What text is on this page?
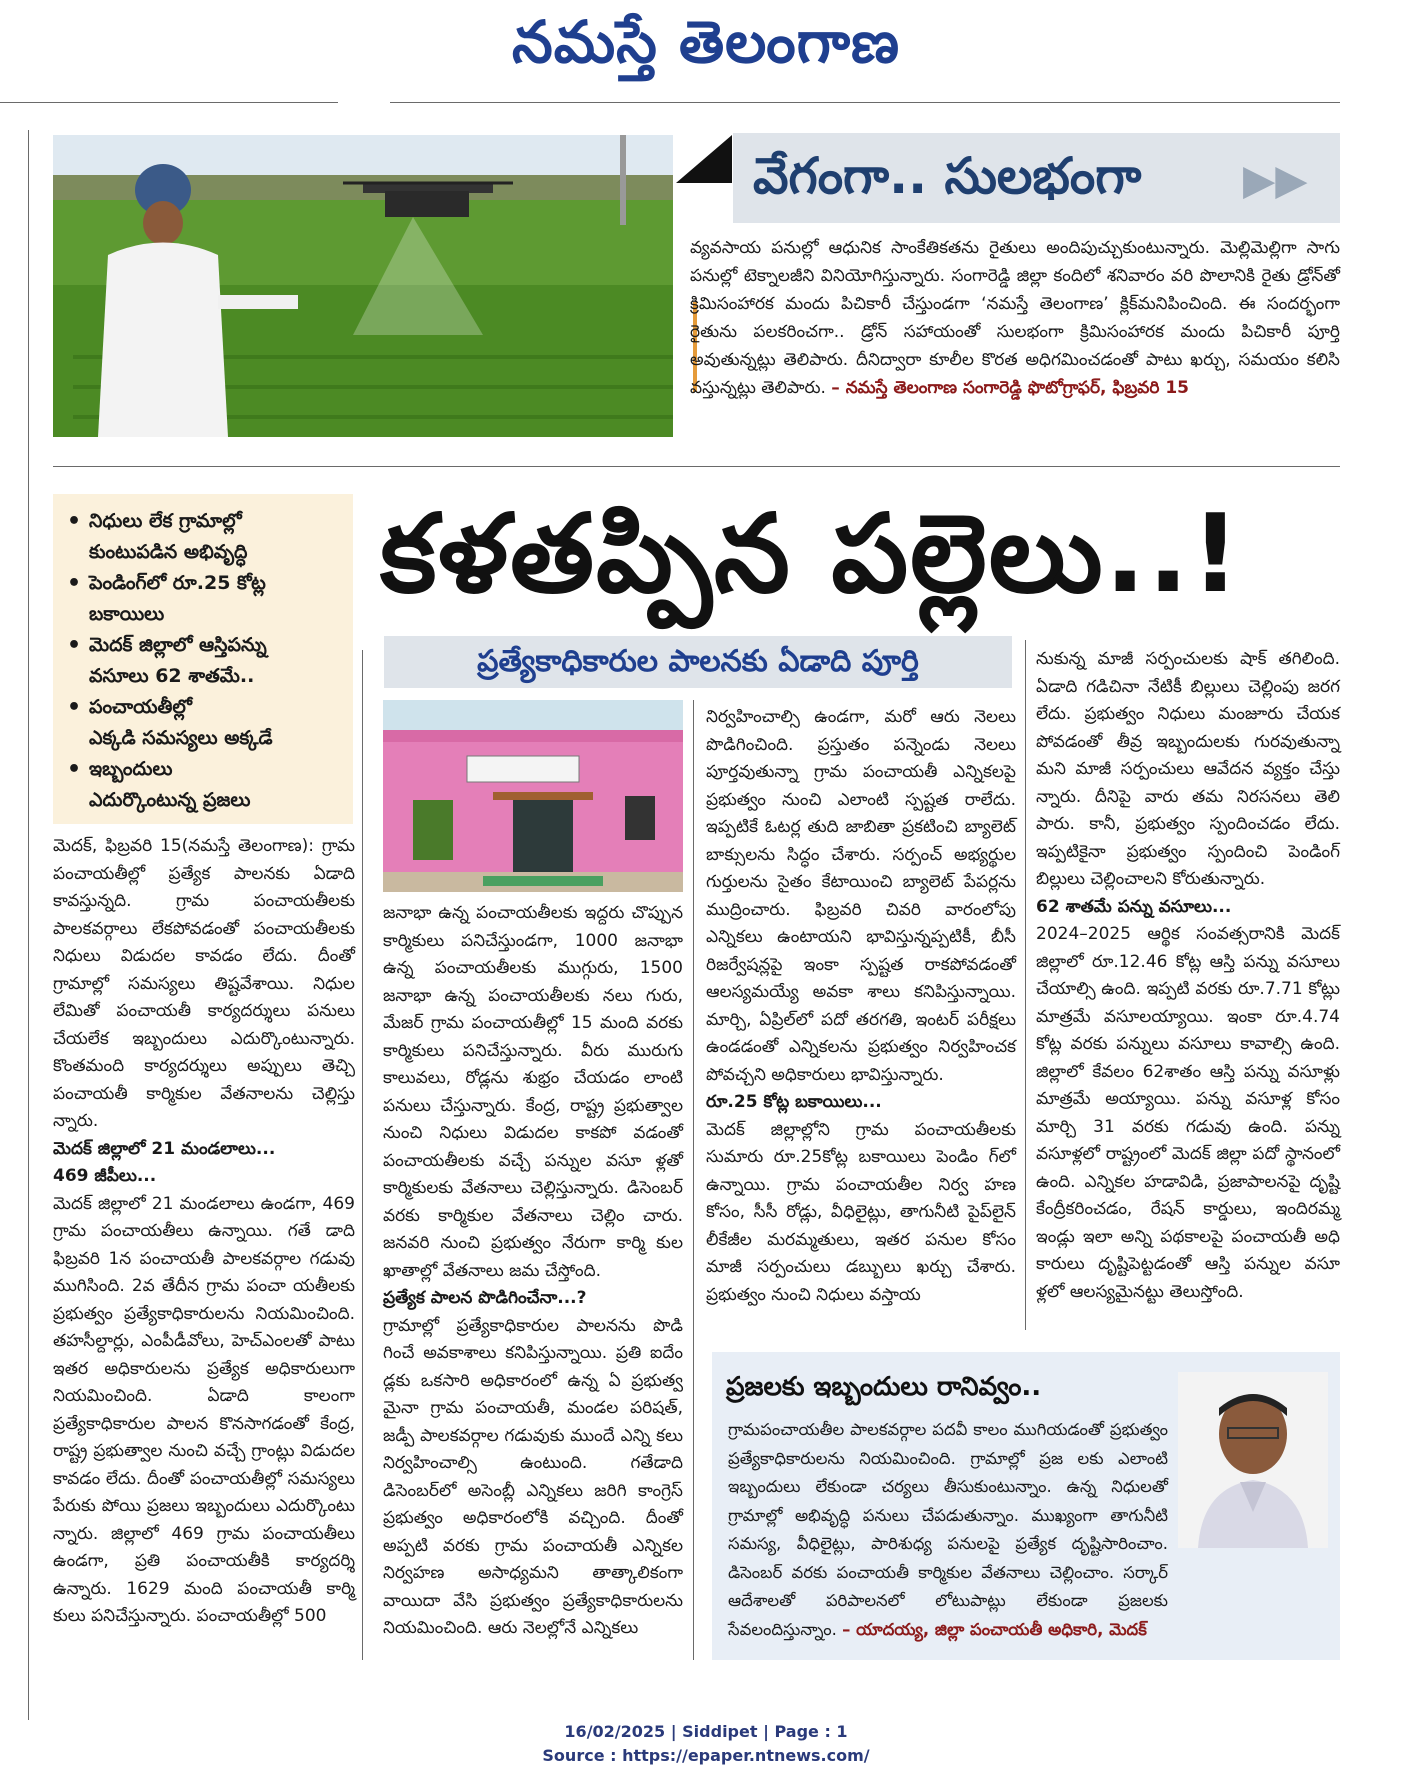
నమస్తే తెలంగాణ
వేగంగా.. సులభంగా ▶▶
వ్యవసాయ పనుల్లో ఆధునిక సాంకేతికతను రైతులు అందిపుచ్చుకుంటున్నారు. మెల్లిమెల్లిగా సాగు పనుల్లో టెక్నాలజీని వినియోగిస్తున్నారు. సంగారెడ్డి జిల్లా కందిలో శనివారం వరి పొలానికి రైతు డ్రోన్‌తో క్రిమిసంహారక మందు పిచికారీ చేస్తుండగా ‘నమస్తే తెలంగాణ’ క్లిక్‌మనిపించింది. ఈ సందర్భంగా రైతును పలకరించగా.. డ్రోన్ సహాయంతో సులభంగా క్రిమిసంహారక మందు పిచికారీ పూర్తి అవుతున్నట్లు తెలిపారు. దీనిద్వారా కూలీల కొరత అధిగమించడంతో పాటు ఖర్చు, సమయం కలిసి వస్తున్నట్లు తెలిపారు. – నమస్తే తెలంగాణ సంగారెడ్డి ఫొటోగ్రాఫర్, ఫిబ్రవరి 15
• నిధులు లేక గ్రామాల్లో
కుంటుపడిన అభివృద్ధి
• పెండింగ్‌లో రూ.25 కోట్ల
బకాయిలు
• మెదక్ జిల్లాలో ఆస్తిపన్ను
వసూలు 62 శాతమే..
• పంచాయతీల్లో
ఎక్కడి సమస్యలు అక్కడే
• ఇబ్బందులు
ఎదుర్కొంటున్న ప్రజలు
కళతప్పిన పల్లెలు..!
ప్రత్యేకాధికారుల పాలనకు ఏడాది పూర్తి

మెదక్, ఫిబ్రవరి 15(నమస్తే తెలంగాణ): గ్రామ పంచాయతీల్లో ప్రత్యేక పాలనకు ఏడాది కావస్తున్నది. గ్రామ పంచాయతీలకు పాలకవర్గాలు లేకపోవడంతో పంచాయతీలకు నిధులు విడుదల కావడం లేదు. దీంతో గ్రామాల్లో సమస్యలు తిష్టవేశాయి. నిధుల లేమితో పంచాయతీ కార్యదర్శులు పనులు చేయలేక ఇబ్బందులు ఎదుర్కొంటున్నారు. కొంతమంది కార్యదర్శులు అప్పులు తెచ్చి పంచాయతీ కార్మికుల వేతనాలను చెల్లిస్తు న్నారు.

మెదక్ జిల్లాలో 21 మండలాలు...
469 జీపీలు...

మెదక్ జిల్లాలో 21 మండలాలు ఉండగా, 469 గ్రామ పంచాయతీలు ఉన్నాయి. గతే డాది ఫిబ్రవరి 1న పంచాయతీ పాలకవర్గాల గడువు ముగిసింది. 2వ తేదీన గ్రామ పంచా యతీలకు ప్రభుత్వం ప్రత్యేకాధికారులను నియమించింది. తహసీల్దార్లు, ఎంపీడీవోలు, హెచ్‌ఎంలతో పాటు ఇతర అధికారులను ప్రత్యేక అధికారులుగా నియమించింది. ఏడాది కాలంగా ప్రత్యేకాధికారుల పాలన కొనసాగడంతో కేంద్ర, రాష్ట్ర ప్రభుత్వాల నుంచి వచ్చే గ్రాంట్లు విడుదల కావడం లేదు. దీంతో పంచాయతీల్లో సమస్యలు పేరుకు పోయి ప్రజలు ఇబ్బందులు ఎదుర్కొంటు న్నారు. జిల్లాలో 469 గ్రామ పంచాయతీలు ఉండగా, ప్రతి పంచాయతీకి కార్యదర్శి ఉన్నారు. 1629 మంది పంచాయతీ కార్మి కులు పనిచేస్తున్నారు. పంచాయతీల్లో 500

జనాభా ఉన్న పంచాయతీలకు ఇద్దరు చొప్పున కార్మికులు పనిచేస్తుండగా, 1000 జనాభా ఉన్న పంచాయతీలకు ముగ్గురు, 1500 జనాభా ఉన్న పంచాయతీలకు నలు గురు, మేజర్ గ్రామ పంచాయతీల్లో 15 మంది వరకు కార్మికులు పనిచేస్తున్నారు. వీరు మురుగు కాలువలు, రోడ్లను శుభ్రం చేయడం లాంటి పనులు చేస్తున్నారు. కేంద్ర, రాష్ట్ర ప్రభుత్వాల నుంచి నిధులు విడుదల కాకపో వడంతో పంచాయతీలకు వచ్చే పన్నుల వసూ ళ్లతో కార్మికులకు వేతనాలు చెల్లిస్తున్నారు. డిసెంబర్ వరకు కార్మికుల వేతనాలు చెల్లిం చారు. జనవరి నుంచి ప్రభుత్వం నేరుగా కార్మి కుల ఖాతాల్లో వేతనాలు జమ చేస్తోంది.

ప్రత్యేక పాలన పొడిగించేనా...?

గ్రామాల్లో ప్రత్యేకాధికారుల పాలనను పొడి గించే అవకాశాలు కనిపిస్తున్నాయి. ప్రతి ఐదేం డ్లకు ఒకసారి అధికారంలో ఉన్న ఏ ప్రభుత్వ మైనా గ్రామ పంచాయతీ, మండల పరిషత్, జడ్పీ పాలకవర్గాల గడువుకు ముందే ఎన్ని కలు నిర్వహించాల్సి ఉంటుంది. గతేడాది డిసెంబర్‌లో అసెంబ్లీ ఎన్నికలు జరిగి కాంగ్రెస్ ప్రభుత్వం అధికారంలోకి వచ్చింది. దీంతో అప్పటి వరకు గ్రామ పంచాయతీ ఎన్నికల నిర్వహణ అసాధ్యమని తాత్కాలికంగా వాయిదా వేసి ప్రభుత్వం ప్రత్యేకాధికారులను నియమించింది. ఆరు నెలల్లోనే ఎన్నికలు

నిర్వహించాల్సి ఉండగా, మరో ఆరు నెలలు పొడిగించింది. ప్రస్తుతం పన్నెండు నెలలు పూర్తవుతున్నా గ్రామ పంచాయతీ ఎన్నికలపై ప్రభుత్వం నుంచి ఎలాంటి స్పష్టత రాలేదు. ఇప్పటికే ఓటర్ల తుది జాబితా ప్రకటించి బ్యాలెట్ బాక్సులను సిద్ధం చేశారు. సర్పంచ్ అభ్యర్థుల గుర్తులను సైతం కేటాయించి బ్యాలెట్ పేపర్లను ముద్రించారు. ఫిబ్రవరి చివరి వారంలోపు ఎన్నికలు ఉంటాయని భావిస్తున్నప్పటికీ, బీసీ రిజర్వేషన్లపై ఇంకా స్పష్టత రాకపోవడంతో ఆలస్యమయ్యే అవకా శాలు కనిపిస్తున్నాయి. మార్చి, ఏప్రిల్‌లో పదో తరగతి, ఇంటర్ పరీక్షలు ఉండడంతో ఎన్నికలను ప్రభుత్వం నిర్వహించక పోవచ్చని అధికారులు భావిస్తున్నారు.

రూ.25 కోట్ల బకాయిలు...

మెదక్ జిల్లాల్లోని గ్రామ పంచాయతీలకు సుమారు రూ.25కోట్ల బకాయిలు పెండిం గ్‌లో ఉన్నాయి. గ్రామ పంచాయతీల నిర్వ హణ కోసం, సీసీ రోడ్లు, వీధిలైట్లు, తాగునీటి పైప్‌లైన్ లీకేజీల మరమ్మతులు, ఇతర పనుల కోసం మాజీ సర్పంచులు డబ్బులు ఖర్చు చేశారు. ప్రభుత్వం నుంచి నిధులు వస్తాయ

నుకున్న మాజీ సర్పంచులకు షాక్ తగిలింది. ఏడాది గడిచినా నేటికీ బిల్లులు చెల్లింపు జరగ లేదు. ప్రభుత్వం నిధులు మంజూరు చేయక పోవడంతో తీవ్ర ఇబ్బందులకు గురవుతున్నా మని మాజీ సర్పంచులు ఆవేదన వ్యక్తం చేస్తు న్నారు. దీనిపై వారు తమ నిరసనలు తెలి పారు. కానీ, ప్రభుత్వం స్పందించడం లేదు. ఇప్పటికైనా ప్రభుత్వం స్పందించి పెండింగ్ బిల్లులు చెల్లించాలని కోరుతున్నారు.

62 శాతమే పన్ను వసూలు...

2024–2025 ఆర్థిక సంవత్సరానికి మెదక్ జిల్లాలో రూ.12.46 కోట్ల ఆస్తి పన్ను వసూలు చేయాల్సి ఉంది. ఇప్పటి వరకు రూ.7.71 కోట్లు మాత్రమే వసూలయ్యాయి. ఇంకా రూ.4.74 కోట్ల వరకు పన్నులు వసూలు కావాల్సి ఉంది. జిల్లాలో కేవలం 62శాతం ఆస్తి పన్ను వసూళ్లు మాత్రమే అయ్యాయి. పన్ను వసూళ్ల కోసం మార్చి 31 వరకు గడువు ఉంది. పన్ను వసూళ్లలో రాష్ట్రంలో మెదక్ జిల్లా పదో స్థానంలో ఉంది. ఎన్నికల హడావిడి, ప్రజాపాలనపై దృష్టి కేంద్రీకరించడం, రేషన్ కార్డులు, ఇందిరమ్మ ఇండ్లు ఇలా అన్ని పథకాలపై పంచాయతీ అధి కారులు దృష్టిపెట్టడంతో ఆస్తి పన్నుల వసూ ళ్లలో ఆలస్యమైనట్టు తెలుస్తోంది.

ప్రజలకు ఇబ్బందులు రానివ్వం..
గ్రామపంచాయతీల పాలకవర్గాల పదవీ కాలం ముగియడంతో ప్రభుత్వం ప్రత్యేకాధికారులను నియమించింది. గ్రామాల్లో ప్రజ లకు ఎలాంటి ఇబ్బందులు లేకుండా చర్యలు తీసుకుంటున్నాం. ఉన్న నిధులతో గ్రామాల్లో అభివృద్ధి పనులు చేపడుతున్నాం. ముఖ్యంగా తాగునీటి సమస్య, వీధిలైట్లు, పారిశుధ్య పనులపై ప్రత్యేక దృష్టిసారించాం. డిసెంబర్ వరకు పంచాయతీ కార్మికుల వేతనాలు చెల్లించాం. సర్కార్ ఆదేశాలతో పరిపాలనలో లోటుపాట్లు లేకుండా ప్రజలకు సేవలందిస్తున్నాం. – యాదయ్య, జిల్లా పంచాయతీ అధికారి, మెదక్
16/02/2025 | Siddipet | Page : 1
Source : https://epaper.ntnews.com/
